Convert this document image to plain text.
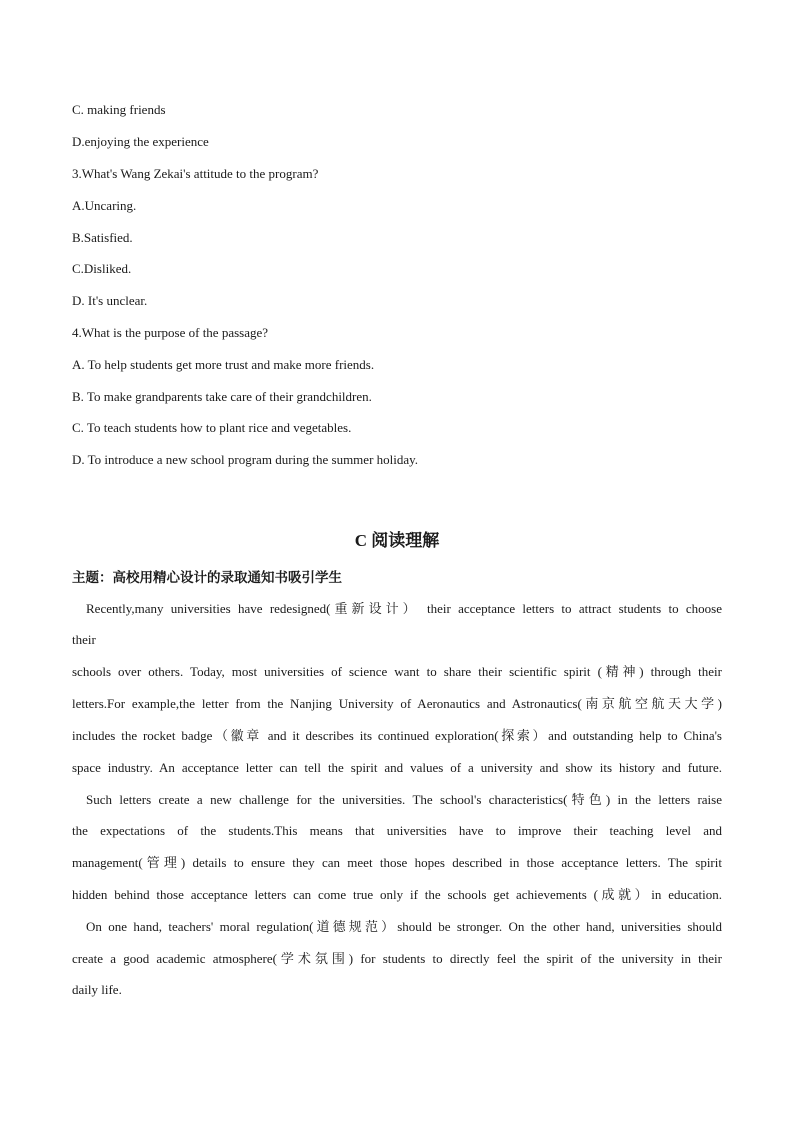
C. making friends
D.enjoying the experience
3.What's Wang Zekai's attitude to the program?
A.Uncaring.
B.Satisfied.
C.Disliked.
D. It's unclear.
4.What is the purpose of the passage?
A. To help students get more trust and make more friends.
B. To make grandparents take care of their grandchildren.
C. To teach students how to plant rice and vegetables.
D. To introduce a new school program during the summer holiday.
C 阅读理解
主题：高校用精心设计的录取通知书吸引学生
Recently,many universities have redesigned(重新设计） their acceptance letters to attract students to choose
their
schools over others. Today, most universities of science want to share their scientific spirit (精神) through their
letters.For example,the letter from the Nanjing University of Aeronautics and Astronautics(南京航空航天大学)
includes the rocket badge（徽章 and it describes its continued exploration(探索）and outstanding help to China's
space industry. An acceptance letter can tell the spirit and values of a university and show its history and future.
Such letters create a new challenge for the universities. The school's characteristics(特色) in the letters raise
the expectations of the students.This means that universities have to improve their teaching level and
management(管理) details to ensure they can meet those hopes described in those acceptance letters. The spirit
hidden behind those acceptance letters can come true only if the schools get achievements (成就）in education.
On one hand, teachers' moral regulation(道德规范）should be stronger. On the other hand, universities should
create a good academic atmosphere(学术氛围) for students to directly feel the spirit of the university in their
daily life.
